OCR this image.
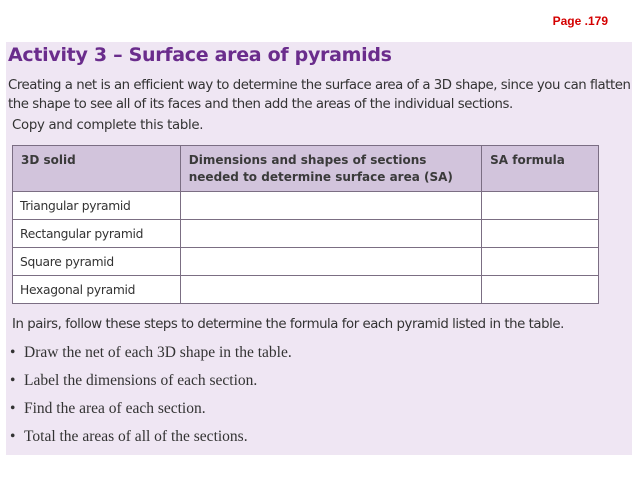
Page .179
Activity 3 – Surface area of pyramids

Creating a net is an efficient way to determine the surface area of a 3D shape, since you can flatten the shape to see all of its faces and then add the areas of the individual sections.

Copy and complete this table.

3D solid	Dimensions and shapes of sections needed to determine surface area (SA)	SA formula
Triangular pyramid		
Rectangular pyramid		
Square pyramid		
Hexagonal pyramid		

In pairs, follow these steps to determine the formula for each pyramid listed in the table.

• Draw the net of each 3D shape in the table.
• Label the dimensions of each section.
• Find the area of each section.
• Total the areas of all of the sections.
